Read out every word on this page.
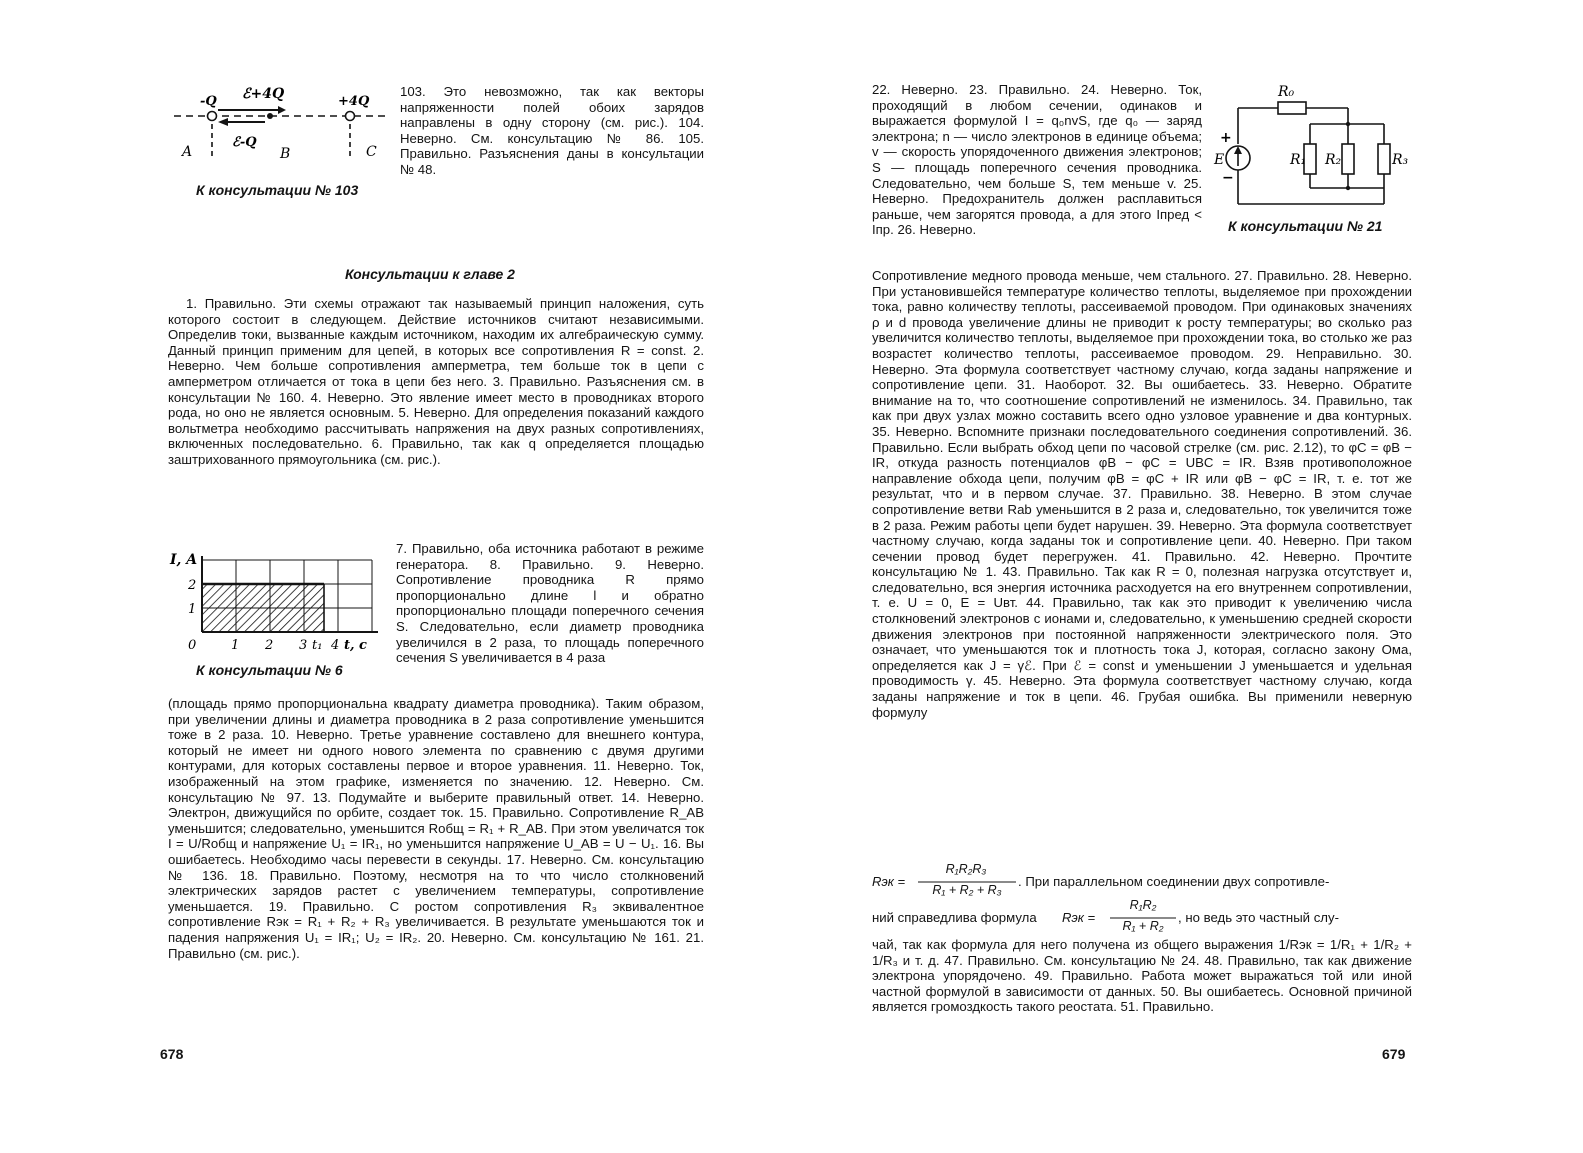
ℰ+4Q
ℰ-Q
-Q	+4Q
A	B	C
К консультации № 103

103. Это невозможно, так как векторы напряженности полей обоих зарядов направлены в одну сторону (см. рис.). 104. Неверно. См. консультацию № 86. 105. Правильно. Разъяснения даны в консультации № 48.

Консультации к главе 2

1. Правильно. Эти схемы отражают так называемый принцип наложения, суть которого состоит в следующем. Действие источников считают независимыми. Определив токи, вызванные каждым источником, находим их алгебраическую сумму. Данный принцип применим для цепей, в которых все сопротивления R = const. 2. Неверно. Чем больше сопротивления амперметра, тем больше ток в цепи с амперметром отличается от тока в цепи без него. 3. Правильно. Разъяснения см. в консультации № 160. 4. Неверно. Это явление имеет место в проводниках второго рода, но оно не является основным. 5. Неверно. Для определения показаний каждого вольтметра необходимо рассчитывать напряжения на двух разных сопротивлениях, включенных последовательно. 6. Правильно, так как q определяется площадью заштрихованного прямоугольника (см. рис.).

I, A
2
1
0	1 2 3 t₁ 4 t, c
К консультации № 6

7. Правильно, оба источника работают в режиме генератора. 8. Правильно. 9. Неверно. Сопротивление проводника R прямо пропорционально длине l и обратно пропорционально площади поперечного сечения S. Следовательно, если диаметр проводника увеличился в 2 раза, то площадь поперечного сечения S увеличивается в 4 раза

(площадь прямо пропорциональна квадрату диаметра проводника). Таким образом, при увеличении длины и диаметра проводника в 2 раза сопротивление уменьшится тоже в 2 раза. 10. Неверно. Третье уравнение составлено для внешнего контура, который не имеет ни одного нового элемента по сравнению с двумя другими контурами, для которых составлены первое и второе уравнения. 11. Неверно. Ток, изображенный на этом графике, изменяется по значению. 12. Неверно. См. консультацию № 97. 13. Подумайте и выберите правильный ответ. 14. Неверно. Электрон, движущийся по орбите, создает ток. 15. Правильно. Сопротивление R_AB уменьшится; следовательно, уменьшится Rобщ = R₁ + R_AB. При этом увеличатся ток I = U/Rобщ и напряжение U₁ = IR₁, но уменьшится напряжение U_AB = U − U₁. 16. Вы ошибаетесь. Необходимо часы перевести в секунды. 17. Неверно. См. консультацию № 136. 18. Правильно. Поэтому, несмотря на то что число столкновений электрических зарядов растет с увеличением температуры, сопротивление уменьшается. 19. Правильно. С ростом сопротивления R₃ эквивалентное сопротивление Rэк = R₁ + R₂ + R₃ увеличивается. В результате уменьшаются ток и падения напряжения U₁ = IR₁; U₂ = IR₂. 20. Неверно. См. консультацию № 161. 21. Правильно (см. рис.).

678

22. Неверно. 23. Правильно. 24. Неверно. Ток, проходящий в любом сечении, одинаков и выражается формулой I = q₀nvS, где q₀ — заряд электрона; n — число электронов в единице объема; v — скорость упорядоченного движения электронов; S — площадь поперечного сечения проводника. Следовательно, чем больше S, тем меньше v. 25. Неверно. Предохранитель должен расплавиться раньше, чем загорятся провода, а для этого Iпред < Iпр. 26. Неверно.

R₀
R₁ R₂	R₃
E
+
−
К консультации № 21

Сопротивление медного провода меньше, чем стального. 27. Правильно. 28. Неверно. При установившейся температуре количество теплоты, выделяемое при прохождении тока, равно количеству теплоты, рассеиваемой проводом. При одинаковых значениях ρ и d провода увеличение длины не приводит к росту температуры; во сколько раз увеличится количество теплоты, выделяемое при прохождении тока, во столько же раз возрастет количество теплоты, рассеиваемое проводом. 29. Неправильно. 30. Неверно. Эта формула соответствует частному случаю, когда заданы напряжение и сопротивление цепи. 31. Наоборот. 32. Вы ошибаетесь. 33. Неверно. Обратите внимание на то, что соотношение сопротивлений не изменилось. 34. Правильно, так как при двух узлах можно составить всего одно узловое уравнение и два контурных. 35. Неверно. Вспомните признаки последовательного соединения сопротивлений. 36. Правильно. Если выбрать обход цепи по часовой стрелке (см. рис. 2.12), то φC = φB − IR, откуда разность потенциалов φB − φC = UBC = IR. Взяв противоположное направление обхода цепи, получим φB = φC + IR или φB − φC = IR, т. е. тот же результат, что и в первом случае. 37. Правильно. 38. Неверно. В этом случае сопротивление ветви Rab уменьшится в 2 раза и, следовательно, ток увеличится тоже в 2 раза. Режим работы цепи будет нарушен. 39. Неверно. Эта формула соответствует частному случаю, когда заданы ток и сопротивление цепи. 40. Неверно. При таком сечении провод будет перегружен. 41. Правильно. 42. Неверно. Прочтите консультацию № 1. 43. Правильно. Так как R = 0, полезная нагрузка отсутствует и, следовательно, вся энергия источника расходуется на его внутреннем сопротивлении, т. е. U = 0, E = Uвт. 44. Правильно, так как это приводит к увеличению числа столкновений электронов с ионами и, следовательно, к уменьшению средней скорости движения электронов при постоянной напряженности электрического поля. Это означает, что уменьшаются ток и плотность тока J, которая, согласно закону Ома, определяется как J = γℰ. При ℰ = const и уменьшении J уменьшается и удельная проводимость γ. 45. Неверно. Эта формула соответствует частному случаю, когда заданы напряжение и ток в цепи. 46. Грубая ошибка. Вы применили неверную формулу

Rэк =
R₁R₂R₃
R₁ + R₂ + R₃
. При параллельном соединении двух сопротивле-
ний справедлива формула Rэк =
R₁R₂
R₁ + R₂
, но ведь это частный слу-

чай, так как формула для него получена из общего выражения 1/Rэк = 1/R₁ + 1/R₂ + 1/R₃ и т. д. 47. Правильно. См. консультацию № 24. 48. Правильно, так как движение электрона упорядочено. 49. Правильно. Работа может выражаться той или иной частной формулой в зависимости от данных. 50. Вы ошибаетесь. Основной причиной является громоздкость такого реостата. 51. Правильно.

679
